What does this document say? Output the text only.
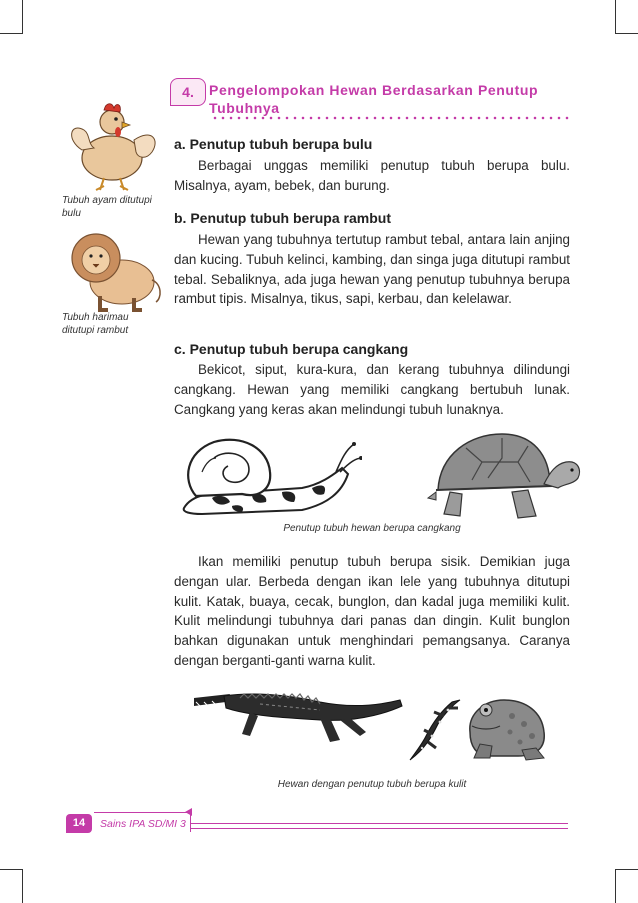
4.	Pengelompokan Hewan Berdasarkan Penutup Tubuhnya
Tubuh ayam ditutupi bulu
Tubuh harimau ditutupi rambut
a. Penutup tubuh berupa bulu
Berbagai unggas memiliki penutup tubuh berupa bulu. Misalnya, ayam, bebek, dan burung.
b. Penutup tubuh berupa rambut
Hewan yang tubuhnya tertutup rambut tebal, antara lain anjing dan kucing. Tubuh kelinci, kambing, dan singa juga ditutupi rambut tebal. Sebaliknya, ada juga hewan yang penutup tubuhnya berupa rambut tipis. Misalnya, tikus, sapi, kerbau, dan kelelawar.
c. Penutup tubuh berupa cangkang
Bekicot, siput, kura-kura, dan kerang tubuhnya dilindungi cangkang. Hewan yang memiliki cangkang bertubuh lunak. Cangkang yang keras akan melindungi tubuh lunaknya.
Penutup tubuh hewan berupa cangkang
Ikan memiliki penutup tubuh berupa sisik. Demikian juga dengan ular. Berbeda dengan ikan lele yang tubuhnya ditutupi kulit. Katak, buaya, cecak, bunglon, dan kadal juga memiliki kulit. Kulit melindungi tubuhnya dari panas dan dingin. Kulit bunglon bahkan digunakan untuk menghindari pemangsanya. Caranya dengan berganti-ganti warna kulit.
Hewan dengan penutup tubuh berupa kulit
14	Sains IPA SD/MI 3
